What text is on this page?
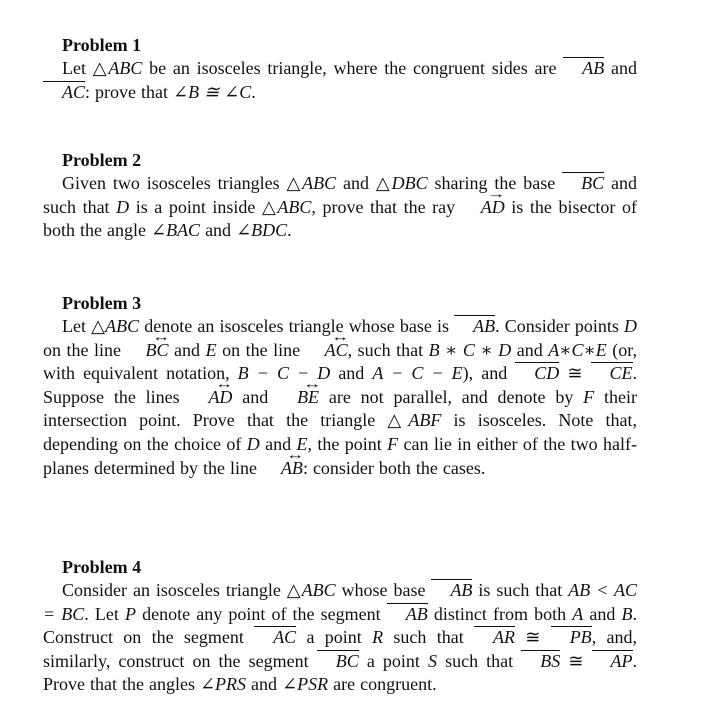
Problem 1

Let △ABC be an isosceles triangle, where the congruent sides are AB and AC: prove that ∠B ≅ ∠C.

Problem 2

Given two isosceles triangles △ABC and △DBC sharing the base BC and such that D is a point inside △ABC, prove that the ray → AD is the bisector of both the angle ∠BAC and ∠BDC.

Problem 3

Let △ABC denote an isosceles triangle whose base is AB. Consider points D on the line ↔ BC and E on the line ↔ AC, such that B ∗ C ∗ D and A∗C∗E (or, with equivalent notation, B − C − D and A − C − E), and CD ≅ CE. Suppose the lines ↔ AD and ↔ BE are not parallel, and denote by F their intersection point. Prove that the triangle △ABF is isosceles. Note that, depending on the choice of D and E, the point F can lie in either of the two half-planes determined by the line ↔ AB: consider both the cases.

Problem 4

Consider an isosceles triangle △ABC whose base AB is such that AB < AC = BC. Let P denote any point of the segment AB distinct from both A and B. Construct on the segment AC a point R such that AR ≅ PB, and, similarly, construct on the segment BC a point S such that BS ≅ AP. Prove that the angles ∠PRS and ∠PSR are congruent.
